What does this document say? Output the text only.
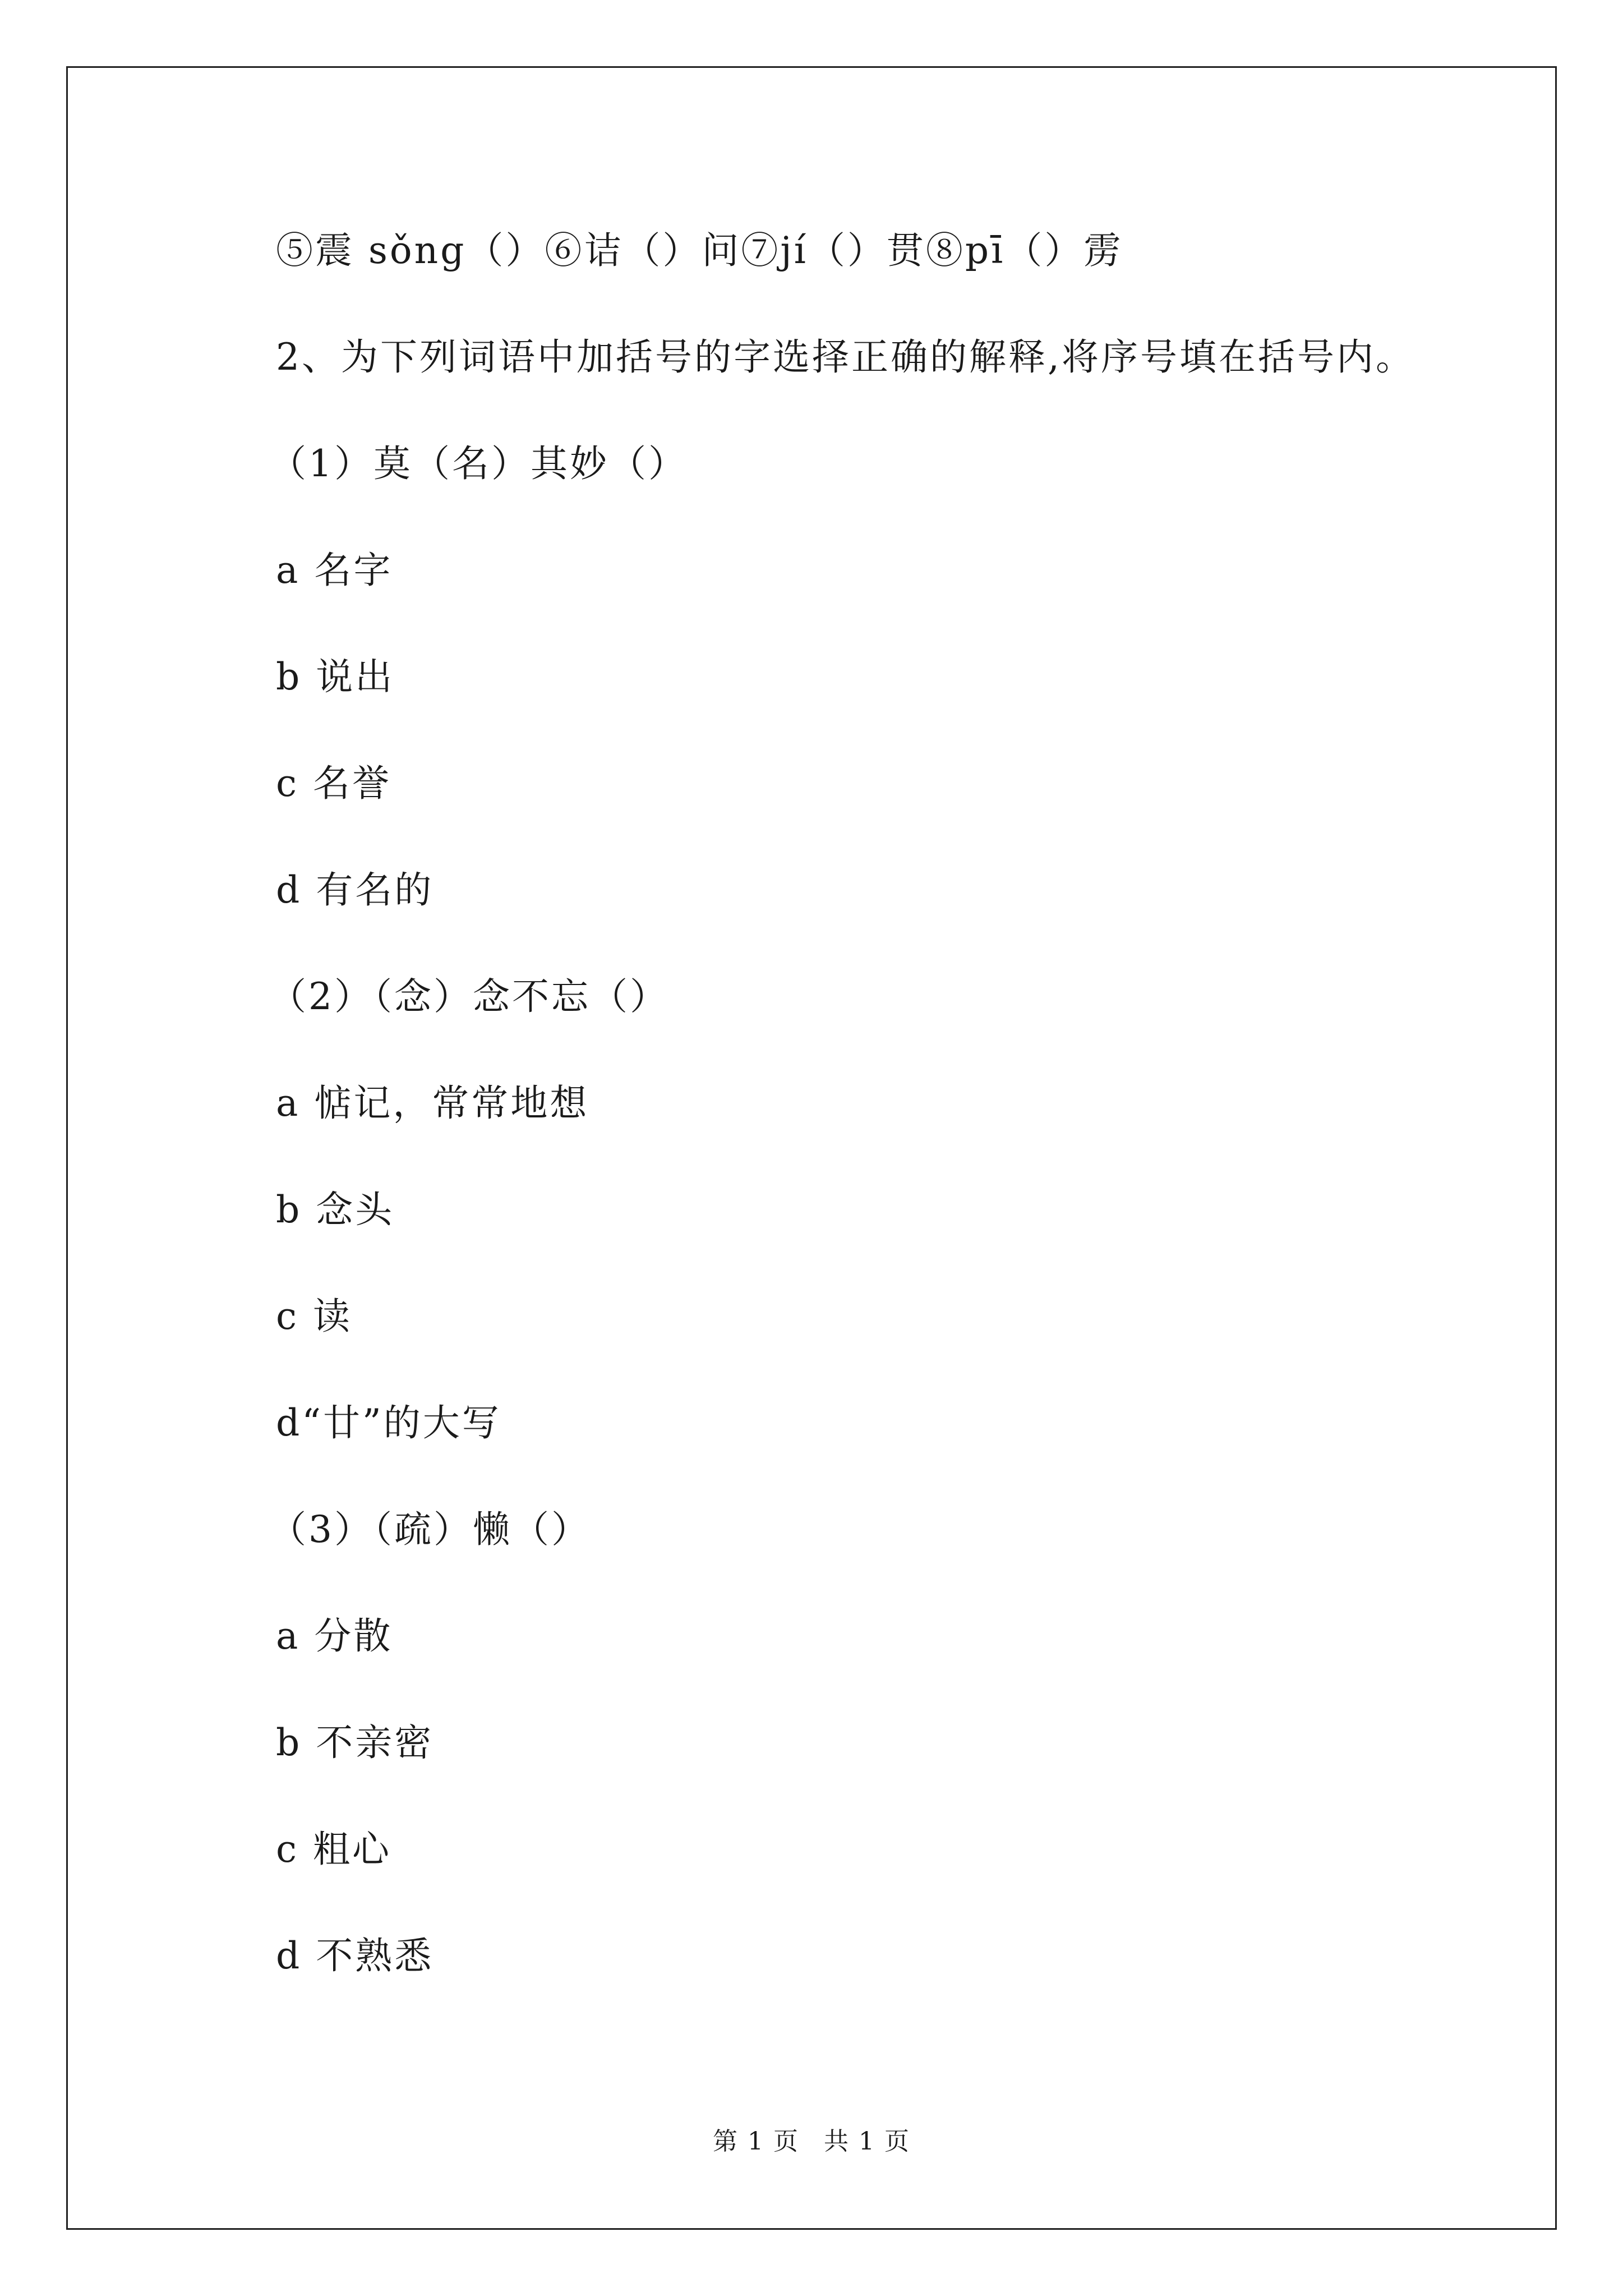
⑤震 sǒng（）⑥诘（）问⑦jí（）贯⑧pī（）雳
2、为下列词语中加括号的字选择正确的解释,将序号填在括号内。
（1）莫（名）其妙（）
a 名字
b 说出
c 名誉
d 有名的
（2）（念）念不忘（）
a 惦记，常常地想
b 念头
c 读
d“廿”的大写
（3）（疏）懒（）
a 分散
b 不亲密
c 粗心
d 不熟悉
第 1 页 共 1 页
